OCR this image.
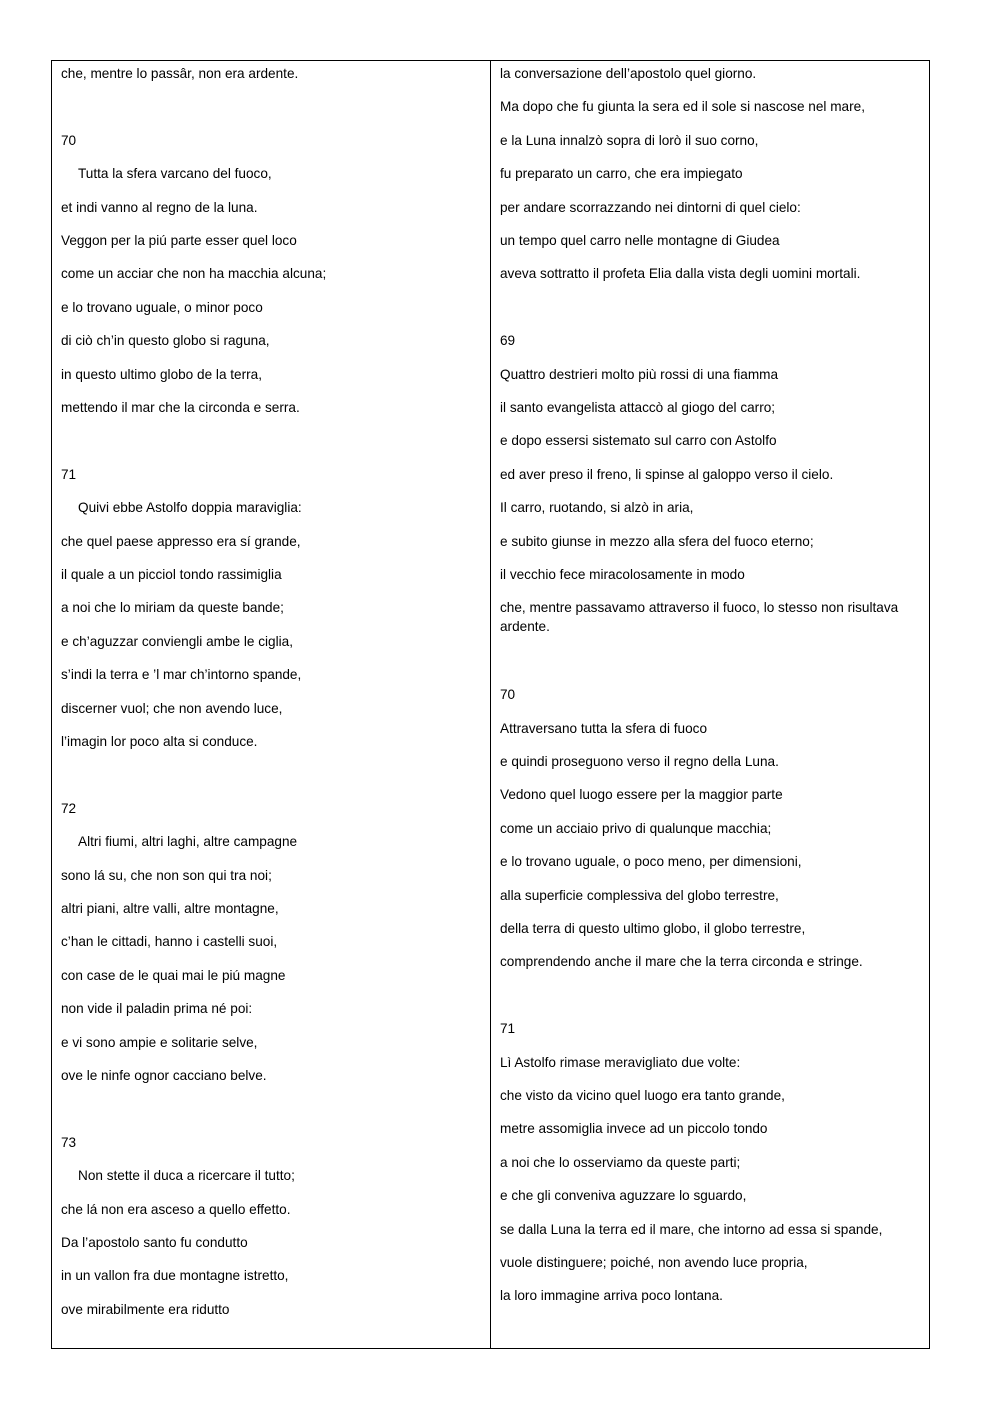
che, mentre lo passâr, non era ardente.
70
Tutta la sfera varcano del fuoco,
et indi vanno al regno de la luna.
Veggon per la piú parte esser quel loco
come un acciar che non ha macchia alcuna;
e lo trovano uguale, o minor poco
di ciò ch’in questo globo si raguna,
in questo ultimo globo de la terra,
mettendo il mar che la circonda e serra.
71
Quivi ebbe Astolfo doppia maraviglia:
che quel paese appresso era sí grande,
il quale a un picciol tondo rassimiglia
a noi che lo miriam da queste bande;
e ch’aguzzar conviengli ambe le ciglia,
s’indi la terra e ’l mar ch’intorno spande,
discerner vuol; che non avendo luce,
l’imagin lor poco alta si conduce.
72
Altri fiumi, altri laghi, altre campagne
sono lá su, che non son qui tra noi;
altri piani, altre valli, altre montagne,
c’han le cittadi, hanno i castelli suoi,
con case de le quai mai le piú magne
non vide il paladin prima né poi:
e vi sono ampie e solitarie selve,
ove le ninfe ognor cacciano belve.
73
Non stette il duca a ricercare il tutto;
che lá non era asceso a quello effetto.
Da l’apostolo santo fu condutto
in un vallon fra due montagne istretto,
ove mirabilmente era ridutto
la conversazione dell’apostolo quel giorno.
Ma dopo che fu giunta la sera ed il sole si nascose nel mare,
e la Luna innalzò sopra di lorò il suo corno,
fu preparato un carro, che era impiegato
per andare scorrazzando nei dintorni di quel cielo:
un tempo quel carro nelle montagne di Giudea
aveva sottratto il profeta Elia dalla vista degli uomini mortali.
69
Quattro destrieri molto più rossi di una fiamma
il santo evangelista attaccò al giogo del carro;
e dopo essersi sistemato sul carro con Astolfo
ed aver preso il freno, li spinse al galoppo verso il cielo.
Il carro, ruotando, si alzò in aria,
e subito giunse in mezzo alla sfera del fuoco eterno;
il vecchio fece miracolosamente in modo
che, mentre passavamo attraverso il fuoco, lo stesso non risultava ardente.
70
Attraversano tutta la sfera di fuoco
e quindi proseguono verso il regno della Luna.
Vedono quel luogo essere per la maggior parte
come un acciaio privo di qualunque macchia;
e lo trovano uguale, o poco meno, per dimensioni,
alla superficie complessiva del globo terrestre,
della terra di questo ultimo globo, il globo terrestre,
comprendendo anche il mare che la terra circonda e stringe.
71
Lì Astolfo rimase meravigliato due volte:
che visto da vicino quel luogo era tanto grande,
metre assomiglia invece ad un piccolo tondo
a noi che lo osserviamo da queste parti;
e che gli conveniva aguzzare lo sguardo,
se dalla Luna la terra ed il mare, che intorno ad essa si spande,
vuole distinguere; poiché, non avendo luce propria,
la loro immagine arriva poco lontana.
